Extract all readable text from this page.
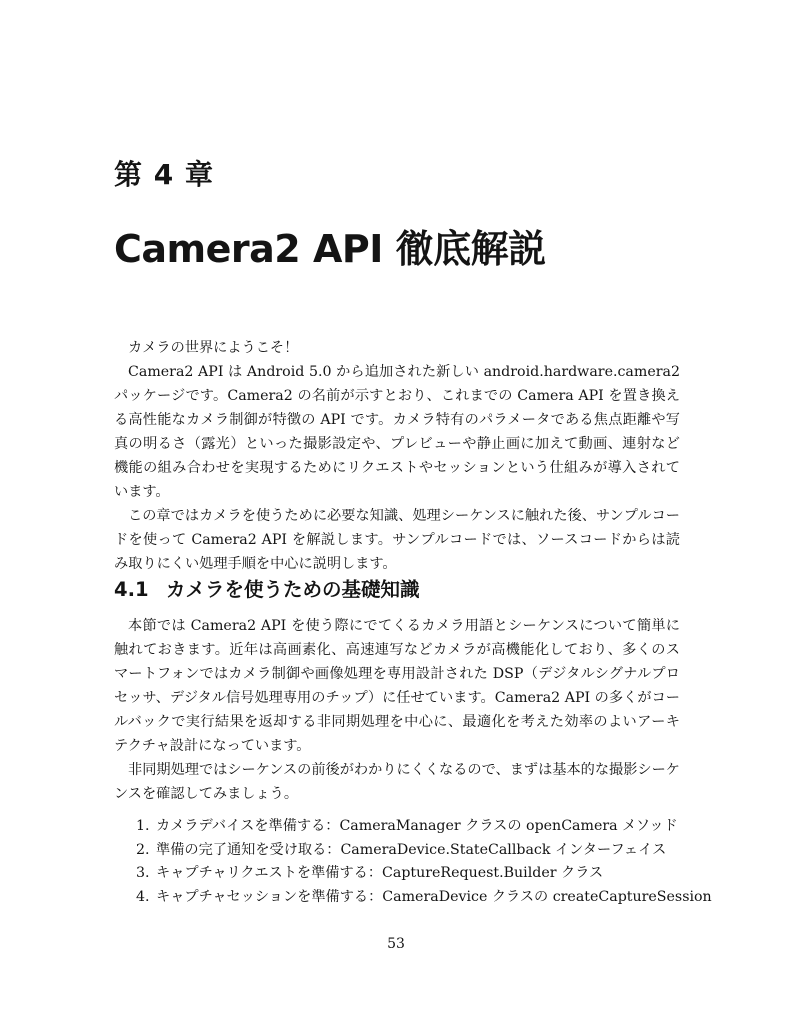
第 4 章
Camera2 API 徹底解説

カメラの世界にようこそ！

Camera2 API は Android 5.0 から追加された新しい android.hardware.camera2 パッケージです。Camera2 の名前が示すとおり、これまでの Camera API を置き換える高性能なカメラ制御が特徴の API です。カメラ特有のパラメータである焦点距離や写真の明るさ（露光）といった撮影設定や、プレビューや静止画に加えて動画、連射など機能の組み合わせを実現するためにリクエストやセッションという仕組みが導入されています。

この章ではカメラを使うために必要な知識、処理シーケンスに触れた後、サンプルコードを使って Camera2 API を解説します。サンプルコードでは、ソースコードからは読み取りにくい処理手順を中心に説明します。

4.1 カメラを使うための基礎知識

本節では Camera2 API を使う際にでてくるカメラ用語とシーケンスについて簡単に触れておきます。近年は高画素化、高速連写などカメラが高機能化しており、多くのスマートフォンではカメラ制御や画像処理を専用設計された DSP（デジタルシグナルプロセッサ、デジタル信号処理専用のチップ）に任せています。Camera2 API の多くがコールバックで実行結果を返却する非同期処理を中心に、最適化を考えた効率のよいアーキテクチャ設計になっています。

非同期処理ではシーケンスの前後がわかりにくくなるので、まずは基本的な撮影シーケンスを確認してみましょう。

1. カメラデバイスを準備する：CameraManager クラスの openCamera メソッド
2. 準備の完了通知を受け取る：CameraDevice.StateCallback インターフェイス
3. キャプチャリクエストを準備する：CaptureRequest.Builder クラス
4. キャプチャセッションを準備する：CameraDevice クラスの createCaptureSession
53
